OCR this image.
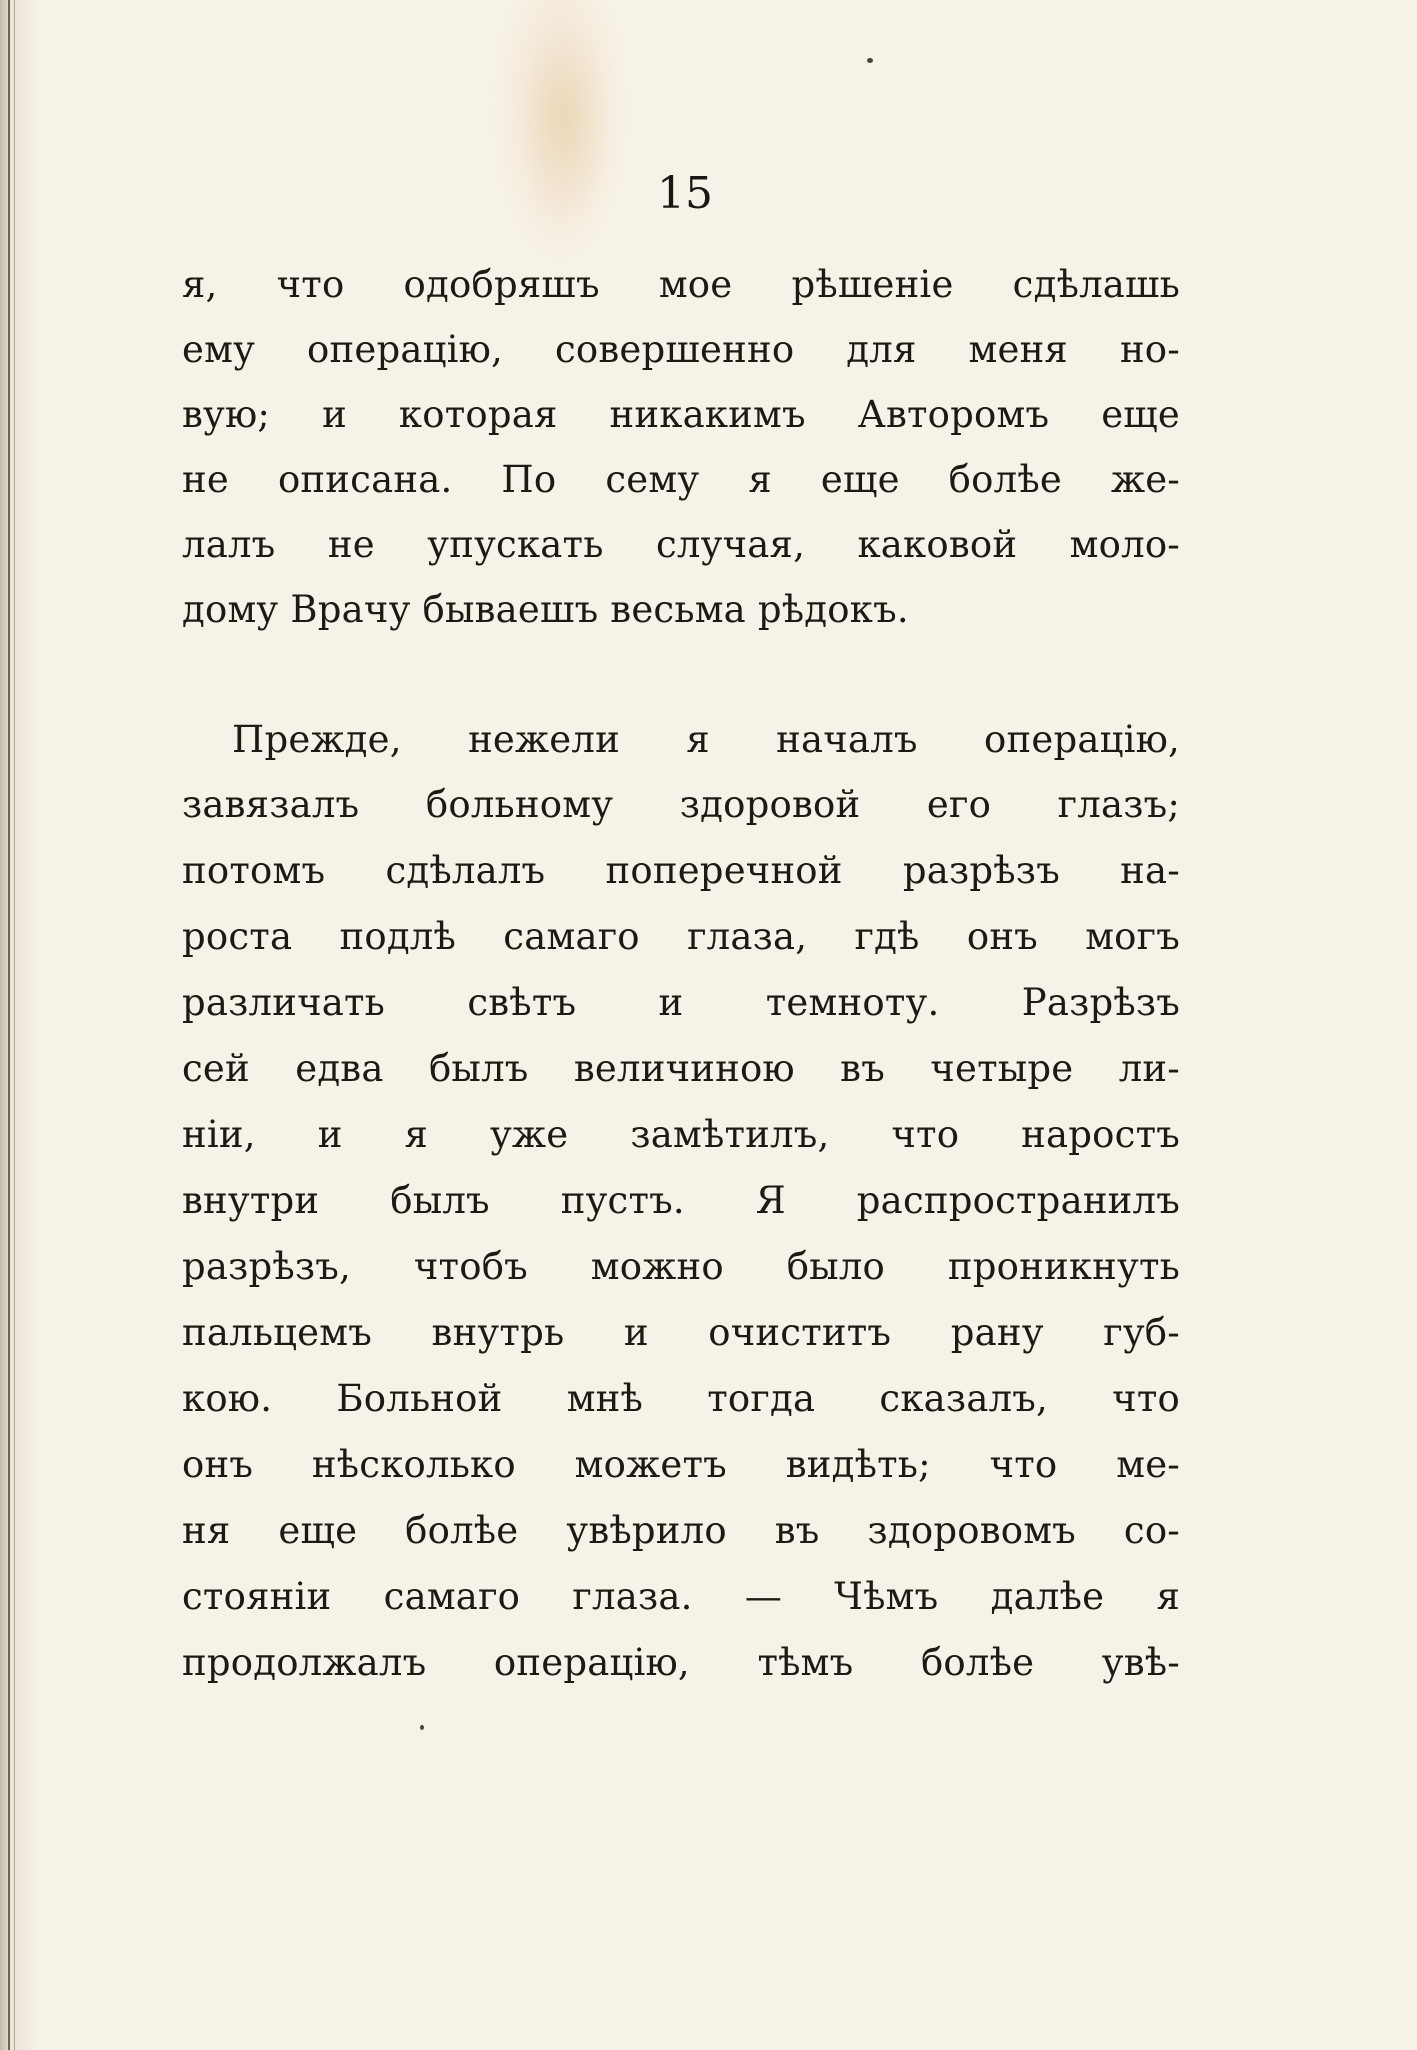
15
я, что одобряшъ мое рѣшеніе сдѣлашь
ему операцію, совершенно для меня но-
вую; и которая никакимъ Авторомъ еще
не описана. По сему я еще болѣе же-
лалъ не упускать случая, каковой моло-
дому Врачу бываешъ весьма рѣдокъ.
Прежде, нежели я началъ операцію,
завязалъ больному здоровой его глазъ;
потомъ сдѣлалъ поперечной разрѣзъ на-
роста подлѣ самаго глаза, гдѣ онъ могъ
различать свѣтъ и темноту. Разрѣзъ
сей едва былъ величиною въ четыре ли-
ніи, и я уже замѣтилъ, что наростъ
внутри былъ пустъ. Я распространилъ
разрѣзъ, чтобъ можно было проникнуть
пальцемъ внутрь и очиститъ рану губ-
кою. Больной мнѣ тогда сказалъ, что
онъ нѣсколько можетъ видѣть; что ме-
ня еще болѣе увѣрило въ здоровомъ со-
стояніи самаго глаза. — Чѣмъ далѣе я
продолжалъ операцію, тѣмъ болѣе увѣ-
